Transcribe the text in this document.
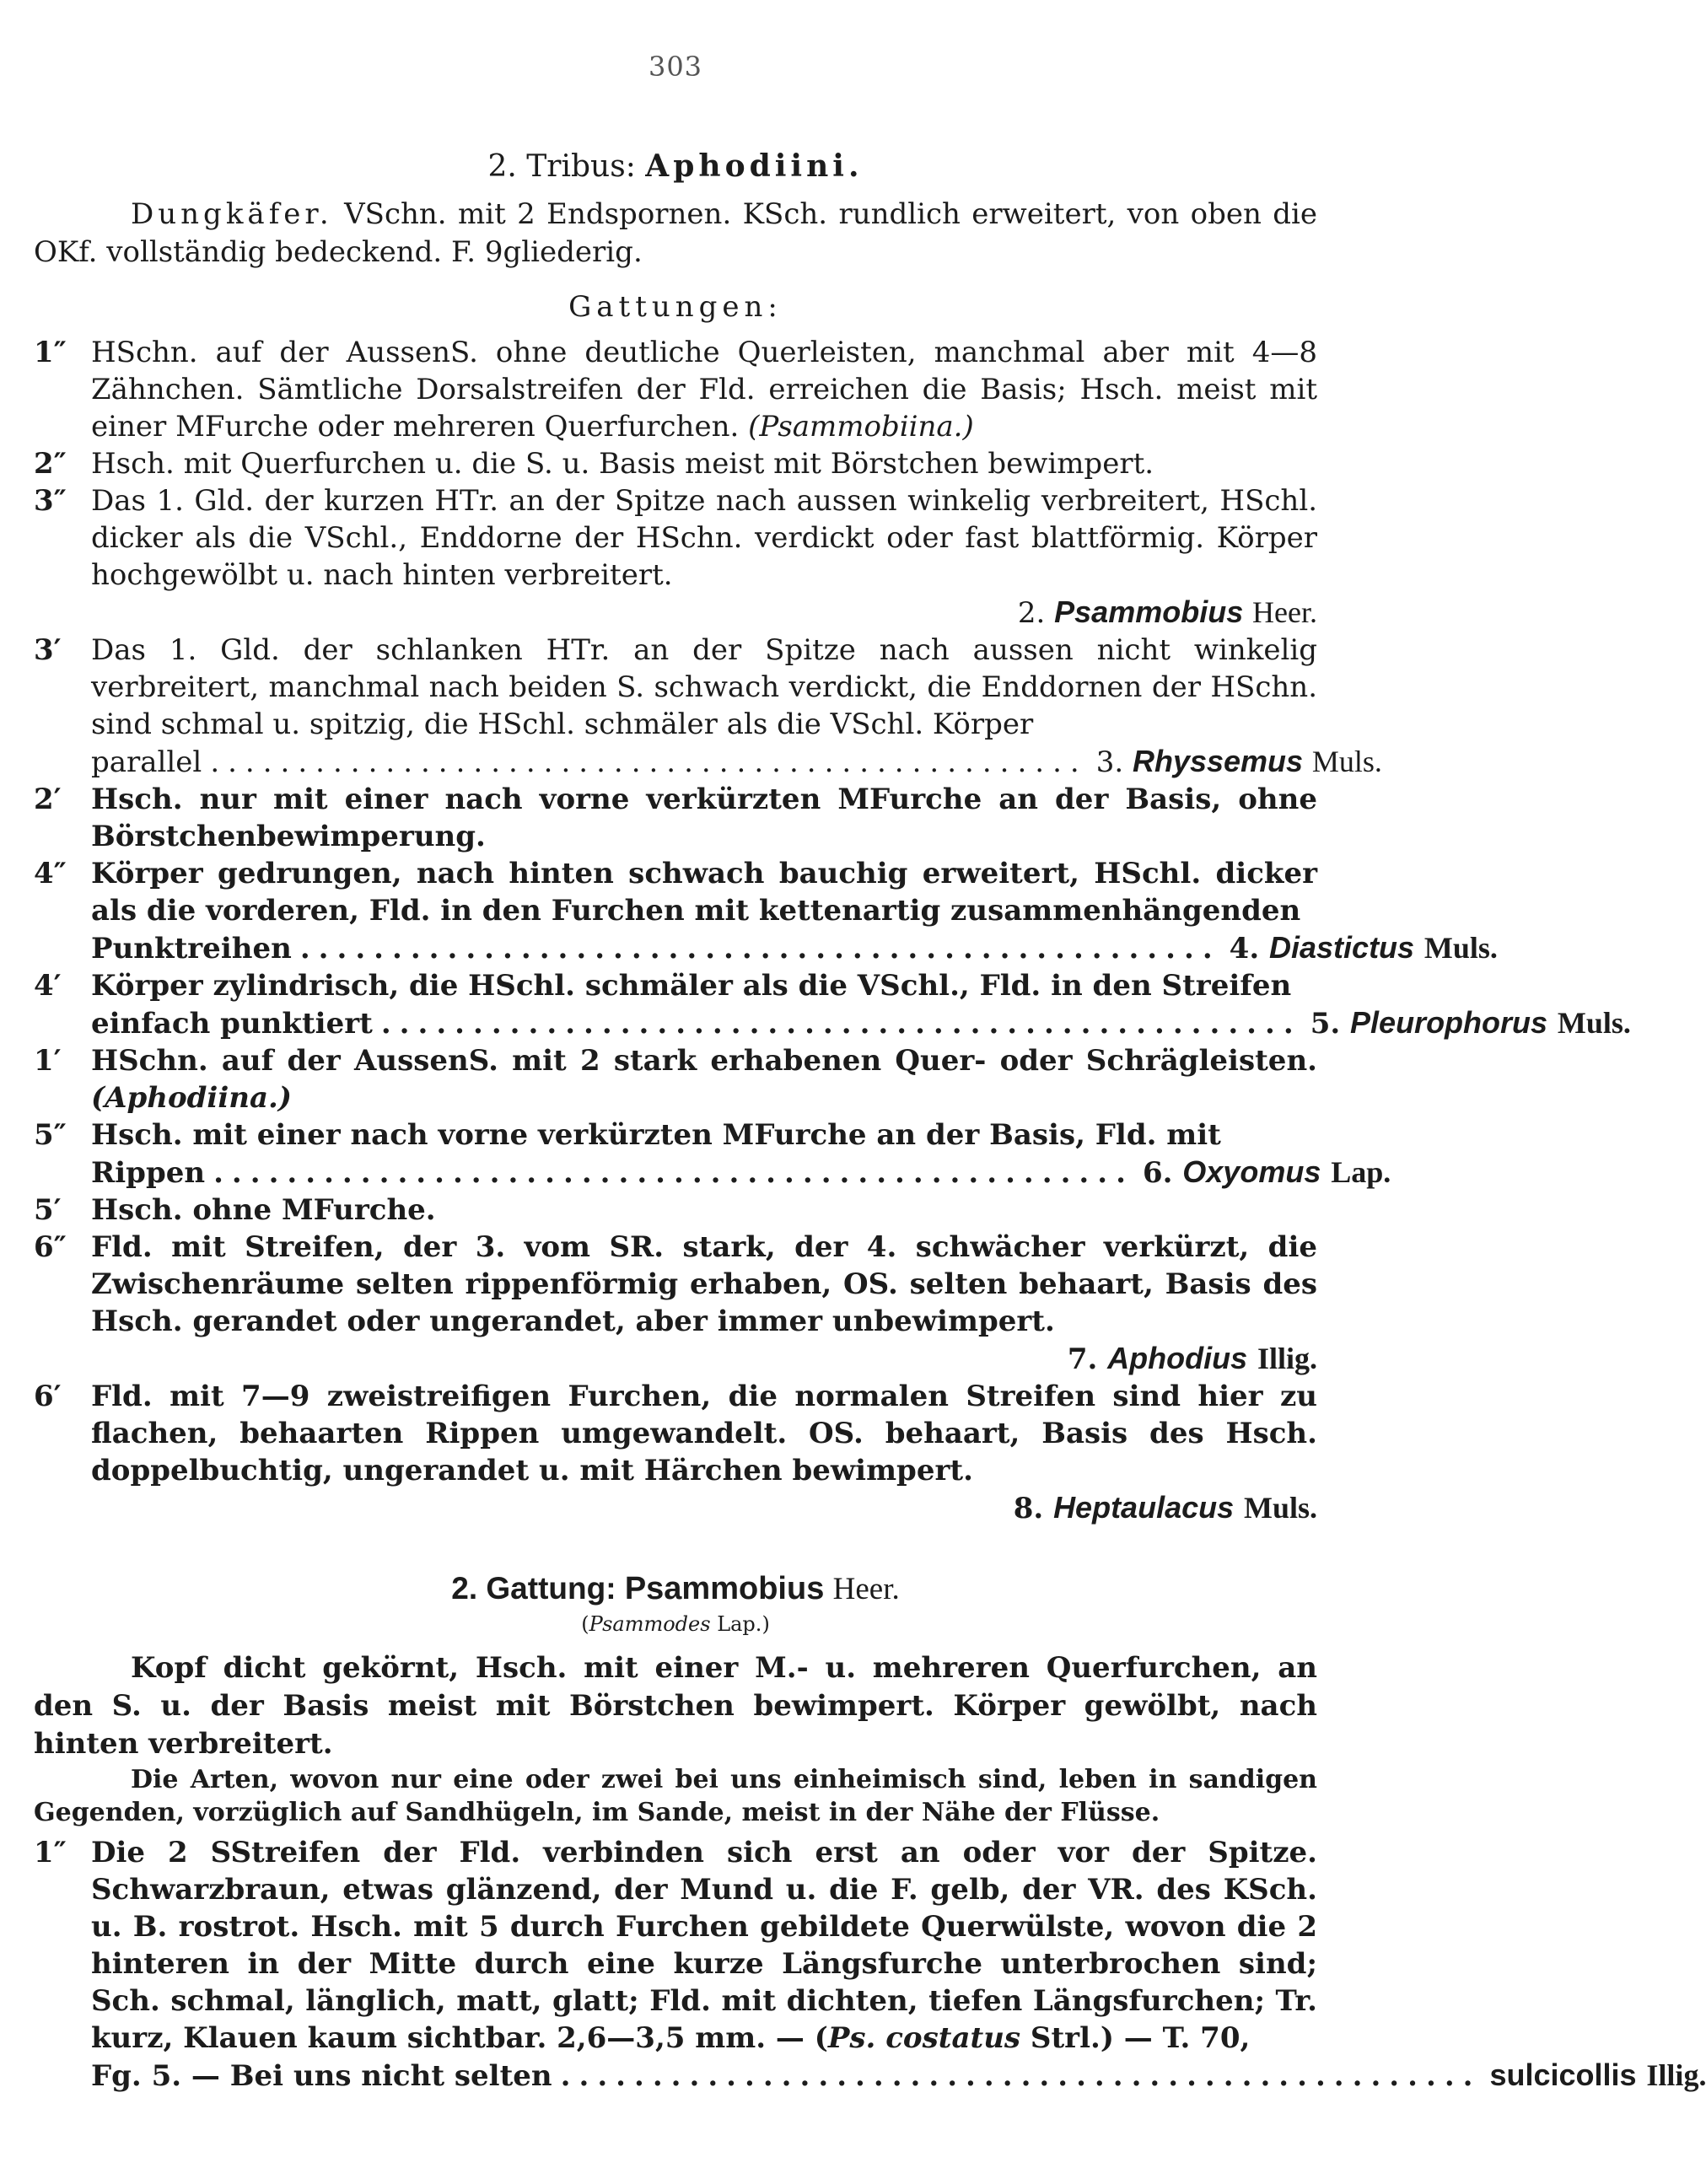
303
2. Tribus: Aphodiini.
Dungkäfer. VSchn. mit 2 Endspornen. KSch. rundlich erweitert, von oben die OKf. vollständig bedeckend. F. 9gliederig.
Gattungen:
1″ HSchn. auf der AussenS. ohne deutliche Querleisten, manchmal aber mit 4—8 Zähnchen. Sämtliche Dorsalstreifen der Fld. erreichen die Basis; Hsch. meist mit einer MFurche oder mehreren Querfurchen. (Psammobiina.)
2″ Hsch. mit Querfurchen u. die S. u. Basis meist mit Börstchen bewimpert.
3″ Das 1. Gld. der kurzen HTr. an der Spitze nach aussen winkelig verbreitert, HSchl. dicker als die VSchl., Enddorne der HSchn. verdickt oder fast blattförmig. Körper hochgewölbt u. nach hinten verbreitert.
2. Psammobius Heer.
3′ Das 1. Gld. der schlanken HTr. an der Spitze nach aussen nicht winkelig verbreitert, manchmal nach beiden S. schwach verdickt, die Enddornen der HSchn. sind schmal u. spitzig, die HSchl. schmäler als die VSchl. Körper
parallel .................................................. 3. Rhyssemus Muls.
2′ Hsch. nur mit einer nach vorne verkürzten MFurche an der Basis, ohne Börstchenbewimperung.
4″ Körper gedrungen, nach hinten schwach bauchig erweitert, HSchl. dicker als die vorderen, Fld. in den Furchen mit kettenartig zusammenhängenden
Punktreihen .................................................. 4. Diastictus Muls.
4′ Körper zylindrisch, die HSchl. schmäler als die VSchl., Fld. in den Streifen
einfach punktiert .................................................. 5. Pleurophorus Muls.
1′ HSchn. auf der AussenS. mit 2 stark erhabenen Quer- oder Schrägleisten. (Aphodiina.)
5″ Hsch. mit einer nach vorne verkürzten MFurche an der Basis, Fld. mit
Rippen .................................................. 6. Oxyomus Lap.
5′ Hsch. ohne MFurche.
6″ Fld. mit Streifen, der 3. vom SR. stark, der 4. schwächer verkürzt, die Zwischenräume selten rippenförmig erhaben, OS. selten behaart, Basis des Hsch. gerandet oder ungerandet, aber immer unbewimpert.
7. Aphodius Illig.
6′ Fld. mit 7—9 zweistreifigen Furchen, die normalen Streifen sind hier zu flachen, behaarten Rippen umgewandelt. OS. behaart, Basis des Hsch. doppelbuchtig, ungerandet u. mit Härchen bewimpert.
8. Heptaulacus Muls.
2. Gattung: Psammobius Heer.
(Psammodes Lap.)
Kopf dicht gekörnt, Hsch. mit einer M.- u. mehreren Querfurchen, an den S. u. der Basis meist mit Börstchen bewimpert. Körper gewölbt, nach hinten verbreitert.
Die Arten, wovon nur eine oder zwei bei uns einheimisch sind, leben in sandigen Gegenden, vorzüglich auf Sandhügeln, im Sande, meist in der Nähe der Flüsse.
1″ Die 2 SStreifen der Fld. verbinden sich erst an oder vor der Spitze. Schwarzbraun, etwas glänzend, der Mund u. die F. gelb, der VR. des KSch. u. B. rostrot. Hsch. mit 5 durch Furchen gebildete Querwülste, wovon die 2 hinteren in der Mitte durch eine kurze Längsfurche unterbrochen sind; Sch. schmal, länglich, matt, glatt; Fld. mit dichten, tiefen Längsfurchen; Tr. kurz, Klauen kaum sichtbar. 2,6—3,5 mm. — (Ps. costatus Strl.) — T. 70,
Fg. 5. — Bei uns nicht selten .................................................. sulcicollis Illig.
